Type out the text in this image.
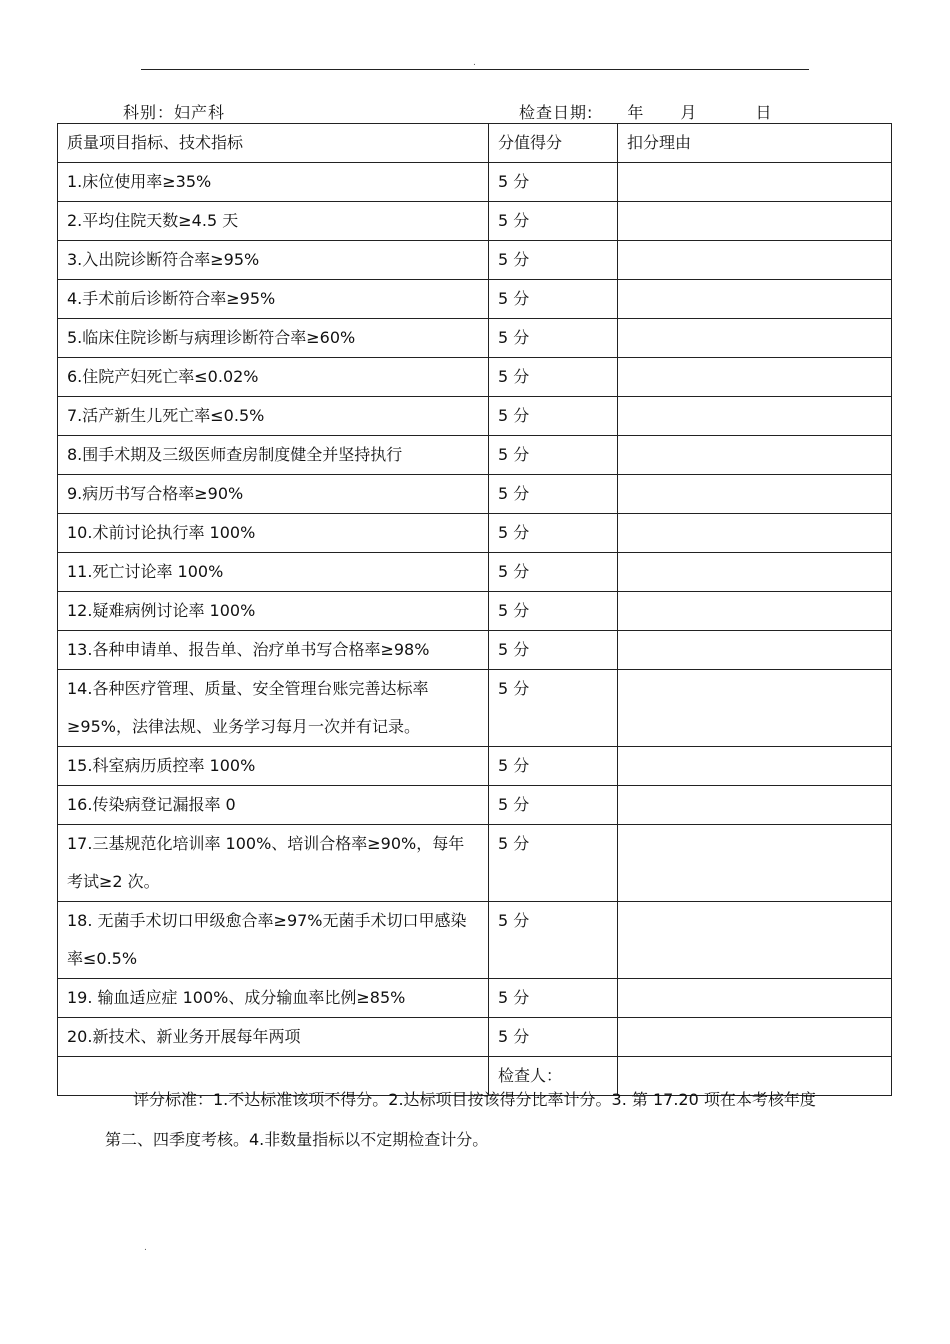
.
科别：妇产科	检查日期: 年 月	日
质量项目指标、技术指标	分值得分	扣分理由
1.床位使用率≥35%	5 分	
2.平均住院天数≥4.5 天	5 分	
3.入出院诊断符合率≥95%	5 分	
4.手术前后诊断符合率≥95%	5 分	
5.临床住院诊断与病理诊断符合率≥60%	5 分	
6.住院产妇死亡率≤0.02%	5 分	
7.活产新生儿死亡率≤0.5%	5 分	
8.围手术期及三级医师查房制度健全并坚持执行	5 分	
9.病历书写合格率≥90%	5 分	
10.术前讨论执行率 100%	5 分	
11.死亡讨论率 100%	5 分	
12.疑难病例讨论率 100%	5 分	
13.各种申请单、报告单、治疗单书写合格率≥98%	5 分	
14.各种医疗管理、质量、安全管理台账完善达标率≥95%，法律法规、业务学习每月一次并有记录。	5 分	
15.科室病历质控率 100%	5 分	
16.传染病登记漏报率 0	5 分	
17.三基规范化培训率 100%、培训合格率≥90%，每年考试≥2 次。	5 分	
18. 无菌手术切口甲级愈合率≥97%无菌手术切口甲感染率≤0.5%	5 分	
19. 输血适应症 100%、成分输血率比例≥85%	5 分	
20.新技术、新业务开展每年两项	5 分	
	检查人：	
评分标准：1.不达标准该项不得分。2.达标项目按该得分比率计分。3. 第 17.20 项在本考核年度第二、四季度考核。4.非数量指标以不定期检查计分。
.
